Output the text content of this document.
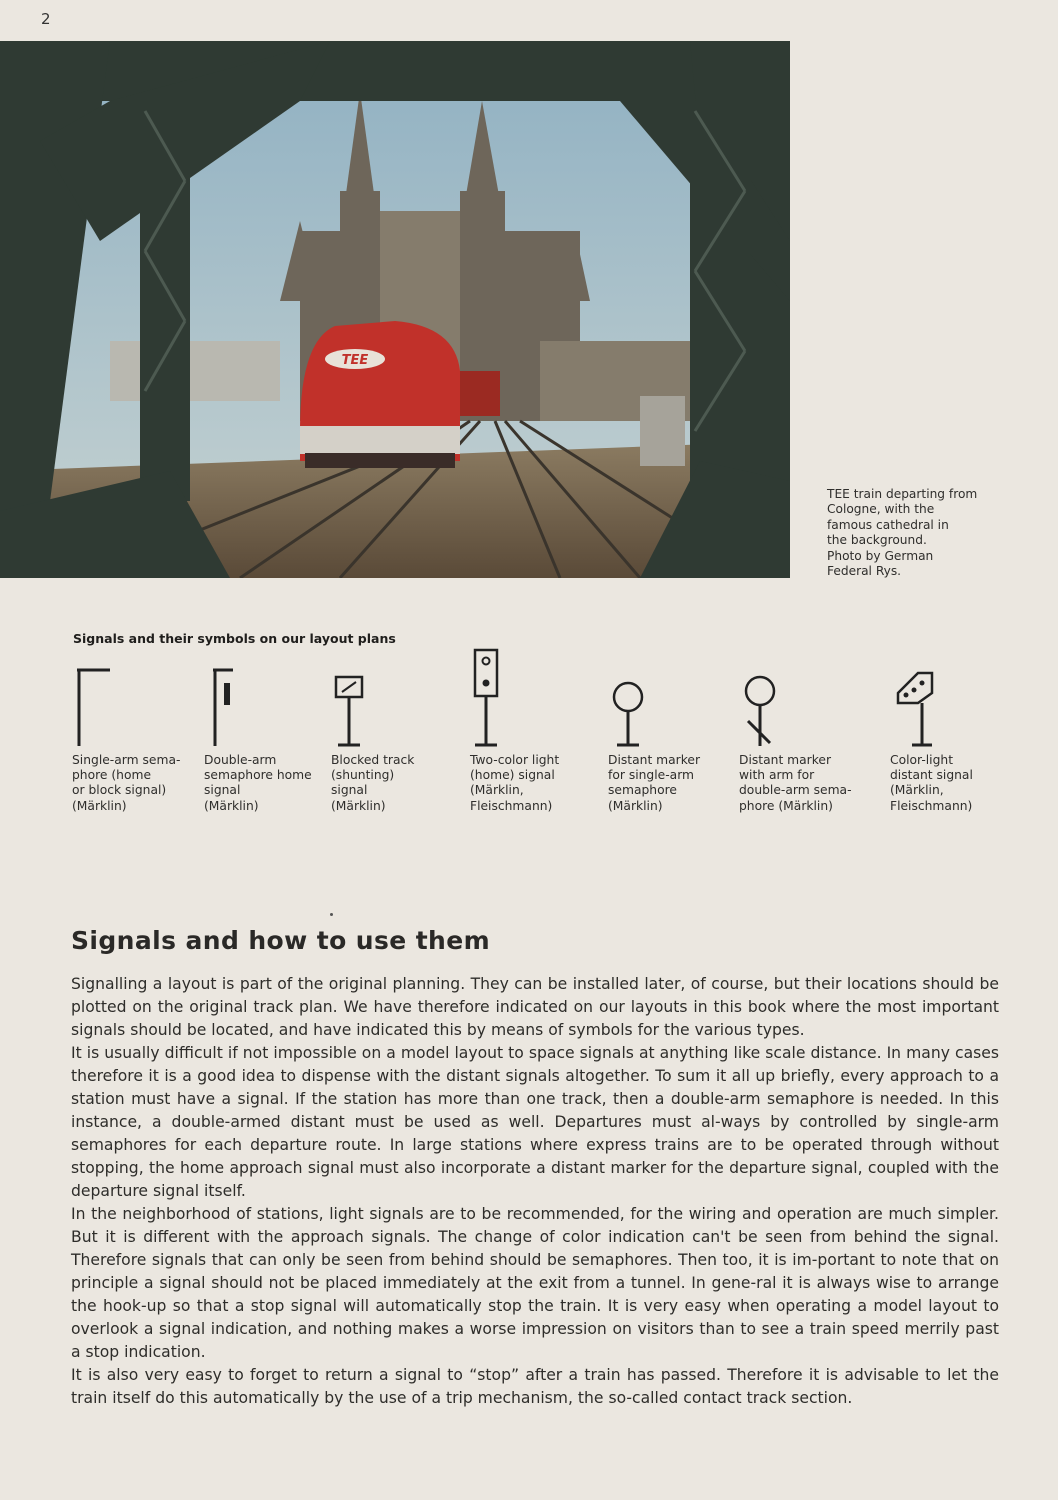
2
TEE
TEE train departing from
Cologne, with the
famous cathedral in
the background.
Photo by German
Federal Rys.
Signals and their symbols on our layout plans
Single-arm sema-
phore (home
or block signal)
(Märklin)
Double-arm
semaphore home
signal
(Märklin)
Blocked track
(shunting)
signal
(Märklin)
Two-color light
(home) signal
(Märklin,
Fleischmann)
Distant marker
for single-arm
semaphore
(Märklin)
Distant marker
with arm for
double-arm sema-
phore (Märklin)
Color-light
distant signal
(Märklin,
Fleischmann)
Signals and how to use them

Signalling a layout is part of the original planning. They can be installed later, of course, but their locations should be plotted on the original track plan. We have therefore indicated on our layouts in this book where the most important signals should be located, and have indicated this by means of symbols for the various types.

It is usually difficult if not impossible on a model layout to space signals at anything like scale distance. In many cases therefore it is a good idea to dispense with the distant signals altogether. To sum it all up briefly, every approach to a station must have a signal. If the station has more than one track, then a double-arm semaphore is needed. In this instance, a double-armed distant must be used as well. Departures must al-ways by controlled by single-arm semaphores for each departure route. In large stations where express trains are to be operated through without stopping, the home approach signal must also incorporate a distant marker for the departure signal, coupled with the departure signal itself.

In the neighborhood of stations, light signals are to be recommended, for the wiring and operation are much simpler. But it is different with the approach signals. The change of color indication can't be seen from behind the signal. Therefore signals that can only be seen from behind should be semaphores. Then too, it is im-portant to note that on principle a signal should not be placed immediately at the exit from a tunnel. In gene-ral it is always wise to arrange the hook-up so that a stop signal will automatically stop the train. It is very easy when operating a model layout to overlook a signal indication, and nothing makes a worse impression on visitors than to see a train speed merrily past a stop indication.

It is also very easy to forget to return a signal to “stop” after a train has passed. Therefore it is advisable to let the train itself do this automatically by the use of a trip mechanism, the so-called contact track section.
